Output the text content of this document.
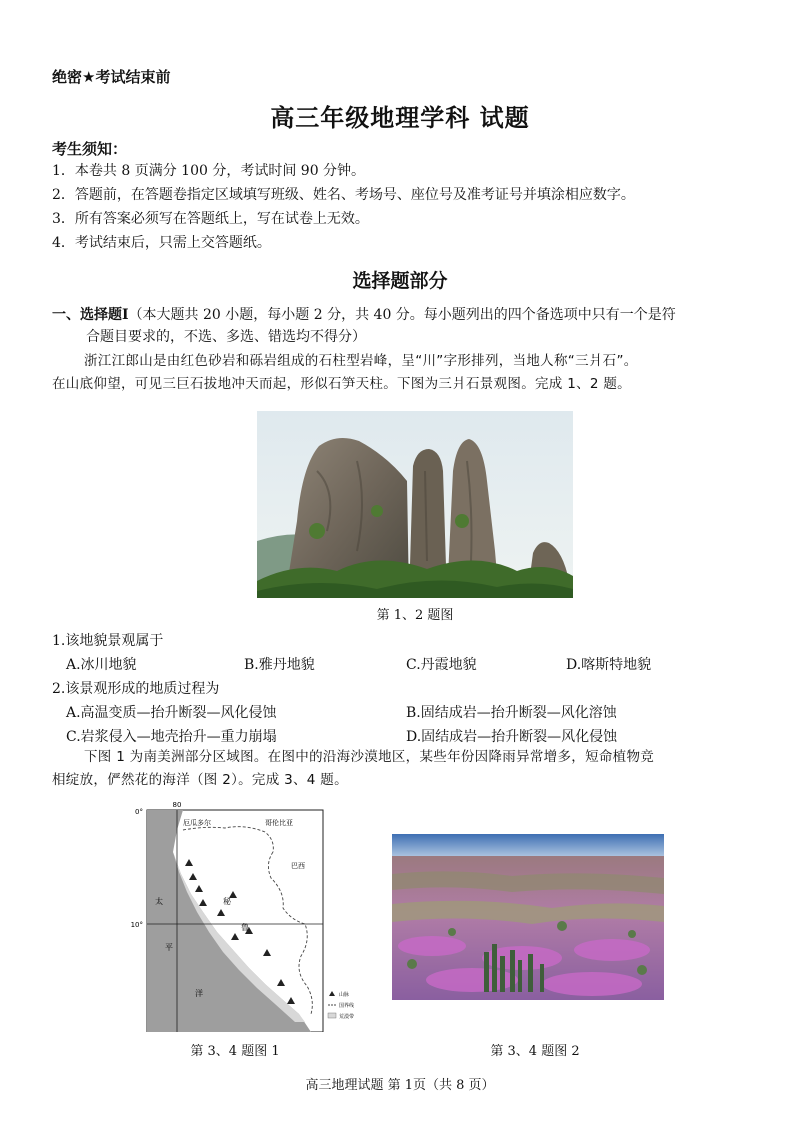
绝密★考试结束前
高三年级地理学科 试题
考生须知：
1．本卷共 8 页满分 100 分，考试时间 90 分钟。
2．答题前，在答题卷指定区域填写班级、姓名、考场号、座位号及准考证号并填涂相应数字。
3．所有答案必须写在答题纸上，写在试卷上无效。
4．考试结束后，只需上交答题纸。
选择题部分
一、选择题Ⅰ（本大题共 20 小题，每小题 2 分，共 40 分。每小题列出的四个备选项中只有一个是符
合题目要求的，不选、多选、错选均不得分）
浙江江郎山是由红色砂岩和砾岩组成的石柱型岩峰，呈“川”字形排列，当地人称“三爿石”。
在山底仰望，可见三巨石拔地冲天而起，形似石笋天柱。下图为三爿石景观图。完成 1、2 题。
第 1、2 题图
1.该地貌景观属于
A.冰川地貌	B.雅丹地貌	C.丹霞地貌	D.喀斯特地貌
2.该景观形成的地质过程为
A.高温变质—抬升断裂—风化侵蚀	B.固结成岩—抬升断裂—风化溶蚀
C.岩浆侵入—地壳抬升—重力崩塌	D.固结成岩—抬升断裂—风化侵蚀
下图 1 为南美洲部分区域图。在图中的沿海沙漠地区，某些年份因降雨异常增多，短命植物竞
相绽放，俨然花的海洋（图 2）。完成 3、4 题。
80
0°
10°
厄瓜多尔	哥伦比亚
巴西
太
平
洋
秘
鲁
山脉
国界线
荒漠带
第 3、4 题图 1	第 3、4 题图 2
高三地理试题 第 1页（共 8 页）
